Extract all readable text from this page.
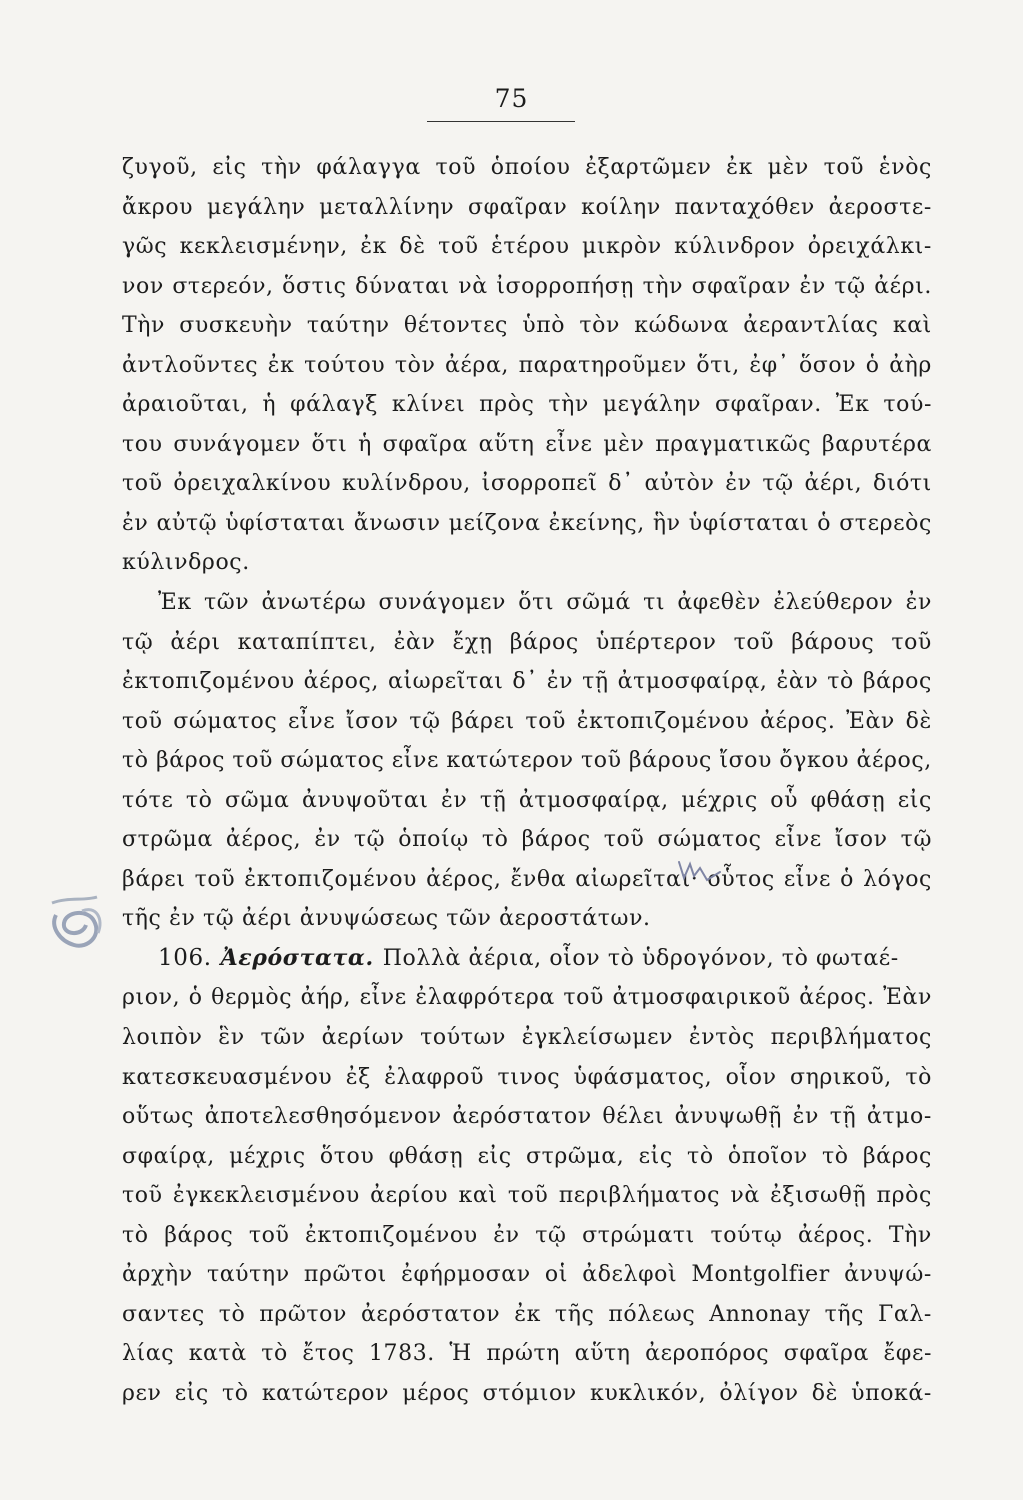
75
ζυγοῦ, εἰς τὴν φάλαγγα τοῦ ὁποίου ἐξαρτῶμεν ἐκ μὲν τοῦ ἑνὸς
ἄκρου μεγάλην μεταλλίνην σφαῖραν κοίλην πανταχόθεν ἀεροστε-
γῶς κεκλεισμένην, ἐκ δὲ τοῦ ἑτέρου μικρὸν κύλινδρον ὀρειχάλκι-
νον στερεόν, ὅστις δύναται νὰ ἰσορροπήσῃ τὴν σφαῖραν ἐν τῷ ἀέρι.
Τὴν συσκευὴν ταύτην θέτοντες ὑπὸ τὸν κώδωνα ἀεραντλίας καὶ
ἀντλοῦντες ἐκ τούτου τὸν ἀέρα, παρατηροῦμεν ὅτι, ἐφ᾽ ὅσον ὁ ἀὴρ
ἀραιοῦται, ἡ φάλαγξ κλίνει πρὸς τὴν μεγάλην σφαῖραν. Ἐκ τού-
του συνάγομεν ὅτι ἡ σφαῖρα αὕτη εἶνε μὲν πραγματικῶς βαρυτέρα
τοῦ ὀρειχαλκίνου κυλίνδρου, ἰσορροπεῖ δ᾽ αὐτὸν ἐν τῷ ἀέρι, διότι
ἐν αὐτῷ ὑφίσταται ἄνωσιν μείζονα ἐκείνης, ἣν ὑφίσταται ὁ στερεὸς
κύλινδρος.
Ἐκ τῶν ἀνωτέρω συνάγομεν ὅτι σῶμά τι ἀφεθὲν ἐλεύθερον ἐν
τῷ ἀέρι καταπίπτει, ἐὰν ἔχῃ βάρος ὑπέρτερον τοῦ βάρους τοῦ
ἐκτοπιζομένου ἀέρος, αἰωρεῖται δ᾽ ἐν τῇ ἀτμοσφαίρᾳ, ἐὰν τὸ βάρος
τοῦ σώματος εἶνε ἴσον τῷ βάρει τοῦ ἐκτοπιζομένου ἀέρος. Ἐὰν δὲ
τὸ βάρος τοῦ σώματος εἶνε κατώτερον τοῦ βάρους ἴσου ὄγκου ἀέρος,
τότε τὸ σῶμα ἀνυψοῦται ἐν τῇ ἀτμοσφαίρᾳ, μέχρις οὗ φθάσῃ εἰς
στρῶμα ἀέρος, ἐν τῷ ὁποίῳ τὸ βάρος τοῦ σώματος εἶνε ἴσον τῷ
βάρει τοῦ ἐκτοπιζομένου ἀέρος, ἔνθα αἰωρεῖται· οὗτος εἶνε ὁ λόγος
τῆς ἐν τῷ ἀέρι ἀνυψώσεως τῶν ἀεροστάτων.
106. Ἀερόστατα. Πολλὰ ἀέρια, οἷον τὸ ὑδρογόνον, τὸ φωταέ-
ριον, ὁ θερμὸς ἀήρ, εἶνε ἐλαφρότερα τοῦ ἀτμοσφαιρικοῦ ἀέρος. Ἐὰν
λοιπὸν ἓν τῶν ἀερίων τούτων ἐγκλείσωμεν ἐντὸς περιβλήματος
κατεσκευασμένου ἐξ ἐλαφροῦ τινος ὑφάσματος, οἷον σηρικοῦ, τὸ
οὕτως ἀποτελεσθησόμενον ἀερόστατον θέλει ἀνυψωθῇ ἐν τῇ ἀτμο-
σφαίρᾳ, μέχρις ὅτου φθάσῃ εἰς στρῶμα, εἰς τὸ ὁποῖον τὸ βάρος
τοῦ ἐγκεκλεισμένου ἀερίου καὶ τοῦ περιβλήματος νὰ ἐξισωθῇ πρὸς
τὸ βάρος τοῦ ἐκτοπιζομένου ἐν τῷ στρώματι τούτῳ ἀέρος. Τὴν
ἀρχὴν ταύτην πρῶτοι ἐφήρμοσαν οἱ ἀδελφοὶ Montgolfier ἀνυψώ-
σαντες τὸ πρῶτον ἀερόστατον ἐκ τῆς πόλεως Annonay τῆς Γαλ-
λίας κατὰ τὸ ἔτος 1783. Ἡ πρώτη αὕτη ἀεροπόρος σφαῖρα ἔφε-
ρεν εἰς τὸ κατώτερον μέρος στόμιον κυκλικόν, ὀλίγον δὲ ὑποκά-
